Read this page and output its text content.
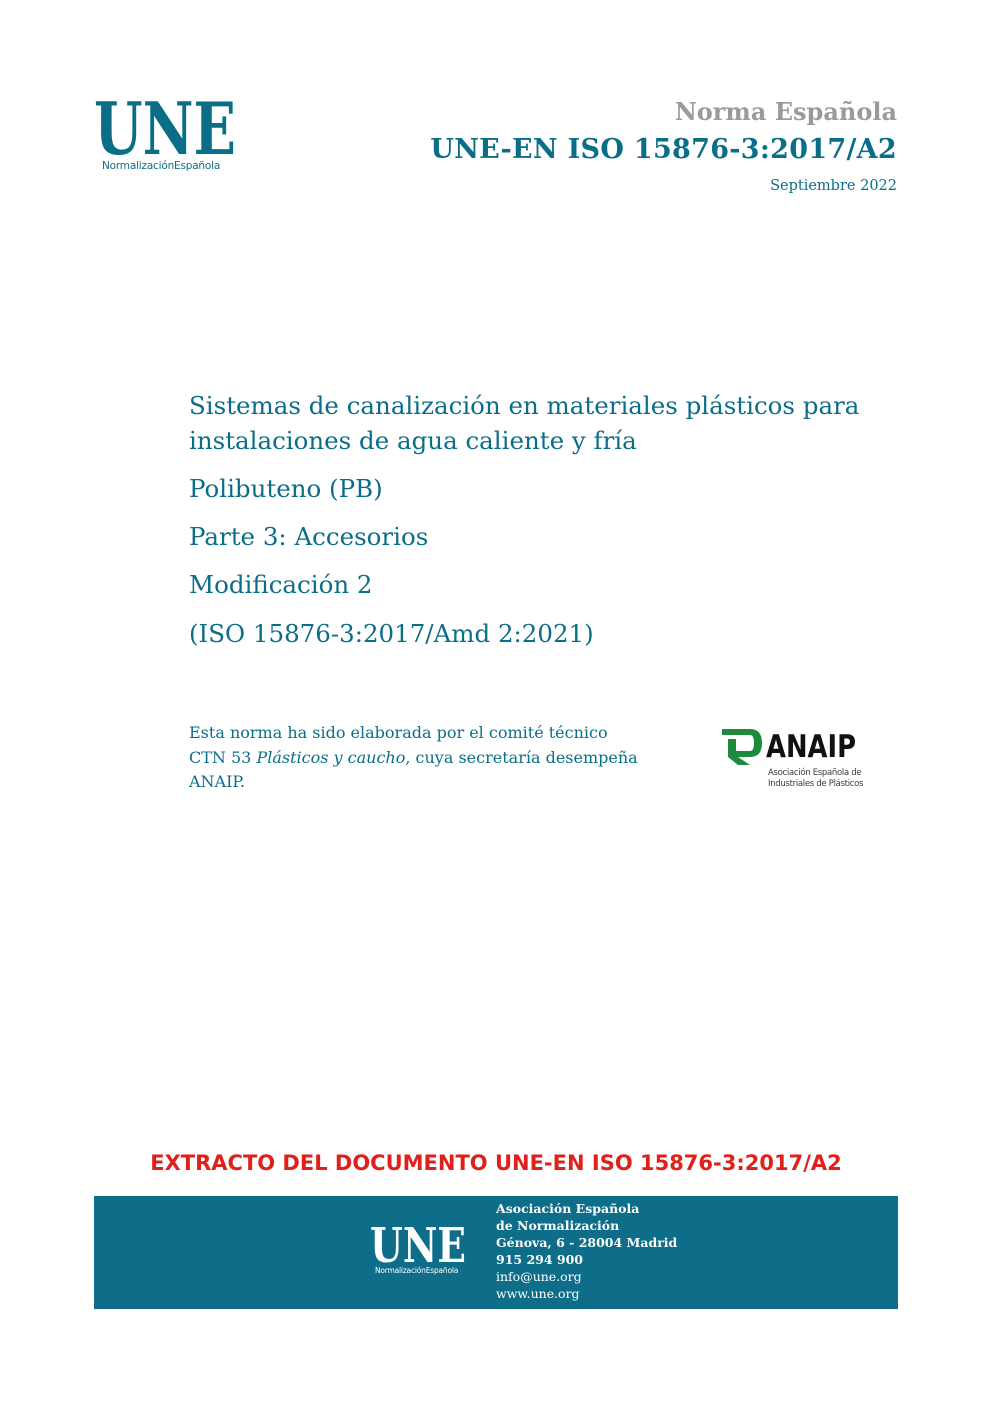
UNE
NormalizaciónEspañola
Norma Española
UNE-EN ISO 15876-3:2017/A2
Septiembre 2022
Sistemas de canalización en materiales plásticos para
instalaciones de agua caliente y fría
Polibuteno (PB)
Parte 3: Accesorios
Modificación 2
(ISO 15876-3:2017/Amd 2:2021)
Esta norma ha sido elaborada por el comité técnico
CTN 53 Plásticos y caucho, cuya secretaría desempeña
ANAIP.
ANAIP
Asociación Española de
Industriales de Plásticos
EXTRACTO DEL DOCUMENTO UNE-EN ISO 15876-3:2017/A2
UNE
NormalizaciónEspañola
Asociación Española
de Normalización
Génova, 6 - 28004 Madrid
915 294 900
info@une.org
www.une.org
